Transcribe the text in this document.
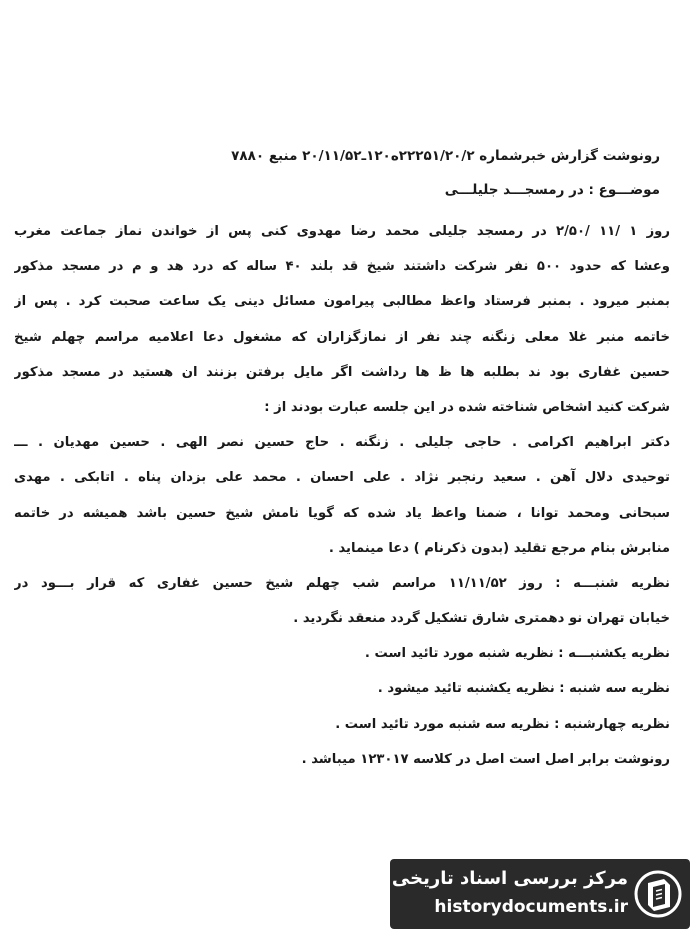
رونوشت گزارش خبرشماره ۲۲۲۵۱/۲۰/۲ه۱۲۰ـ۲۰/۱۱/۵۲ منبع ۷۸۸۰
موضـــوع : در رمسجـــد جليلـــى

روز ۱ /۱۱ /۲/۵۰ در رمسجد جلیلی محمد رضا مهدوی کنی پس از خواندن نماز جماعت مغرب

وعشا که حدود ۵۰۰ نفر شرکت داشتند شیخ قد بلند ۴۰ ساله که درد هد و م در مسجد مذکور

بمنبر میرود . بمنبر فرستاد واعظ مطالبی پیرامون مسائل دینی یک ساعت صحبت کرد . پس از

خاتمه منبر غلا معلی زنگنه چند نفر از نمازگزاران که مشغول دعا اعلامیه مراسم چهلم شیخ

حسین غفاری بود ند بطلبه ها ظ ها رداشت اگر مایل برفتن بزنند ان هستید در مسجد مذکور

شرکت کنید اشخاص شناخته شده در این جلسه عبارت بودند از :

دکتر ابراهیم اکرامی . حاجی جلیلی . زنگنه . حاج حسین نصر الهی . حسین مهدیان . ـــ

توحیدی دلال آهن . سعید رنجبر نژاد . علی احسان . محمد علی بزدان پناه . اتابکی . مهدی

سبحانی ومحمد توانا ، ضمنا واعظ یاد شده که گویا نامش شیخ حسین باشد همیشه در خاتمه

منابرش بنام مرجع تقلید (بدون ذکرنام ) دعا مینماید .

نظریه شنبـــه : روز ۱۱/۱۱/۵۲ مراسم شب چهلم شیخ حسین غفاری که قرار بـــود در

خیابان تهران نو دهمتری شارق تشکیل گردد منعقد نگردید .

نظریه یکشنبـــه : نظریه شنبه مورد تائید است .

نظریه سه شنبه : نظریه یکشنبه تائید میشود .

نظریه چهارشنبه : نظریه سه شنبه مورد تائید است .

رونوشت برابر اصل است اصل در کلاسه ۱۲۳۰۱۷ میباشد .

مرکز بررسی اسناد تاریخی
historydocuments.ir
